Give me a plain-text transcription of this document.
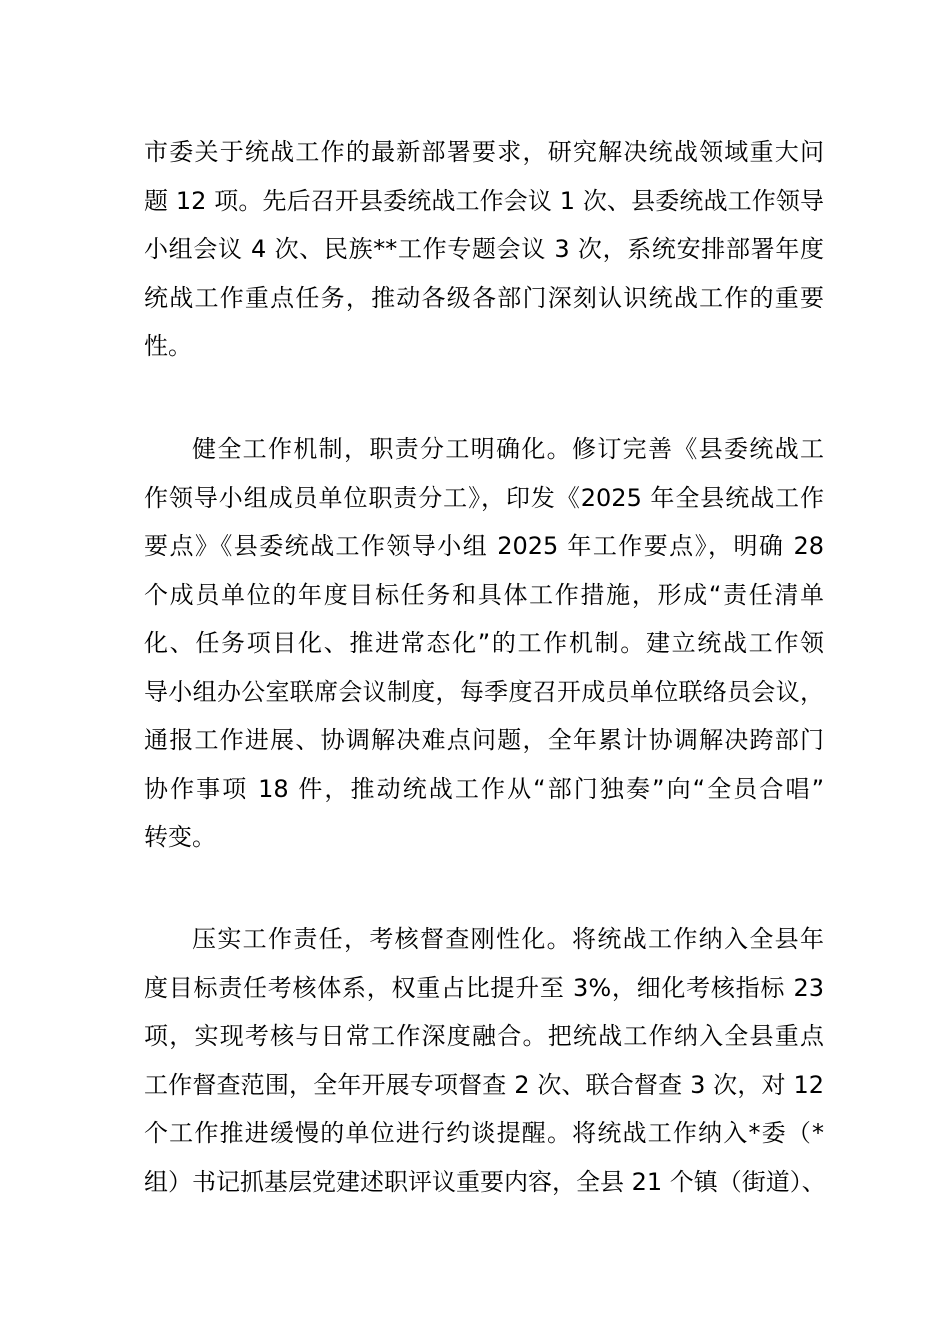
市委关于统战工作的最新部署要求，研究解决统战领域重大问
题 12 项。先后召开县委统战工作会议 1 次、县委统战工作领导
小组会议 4 次、民族**工作专题会议 3 次，系统安排部署年度
统战工作重点任务，推动各级各部门深刻认识统战工作的重要
性。
健全工作机制，职责分工明确化。修订完善《县委统战工
作领导小组成员单位职责分工》，印发《2025 年全县统战工作
要点》《县委统战工作领导小组 2025 年工作要点》，明确 28
个成员单位的年度目标任务和具体工作措施，形成“责任清单
化、任务项目化、推进常态化”的工作机制。建立统战工作领
导小组办公室联席会议制度，每季度召开成员单位联络员会议，
通报工作进展、协调解决难点问题，全年累计协调解决跨部门
协作事项 18 件，推动统战工作从“部门独奏”向“全员合唱”
转变。
压实工作责任，考核督查刚性化。将统战工作纳入全县年
度目标责任考核体系，权重占比提升至 3%，细化考核指标 23
项，实现考核与日常工作深度融合。把统战工作纳入全县重点
工作督查范围，全年开展专项督查 2 次、联合督查 3 次，对 12
个工作推进缓慢的单位进行约谈提醒。将统战工作纳入*委（*
组）书记抓基层党建述职评议重要内容，全县 21 个镇（街道）、
